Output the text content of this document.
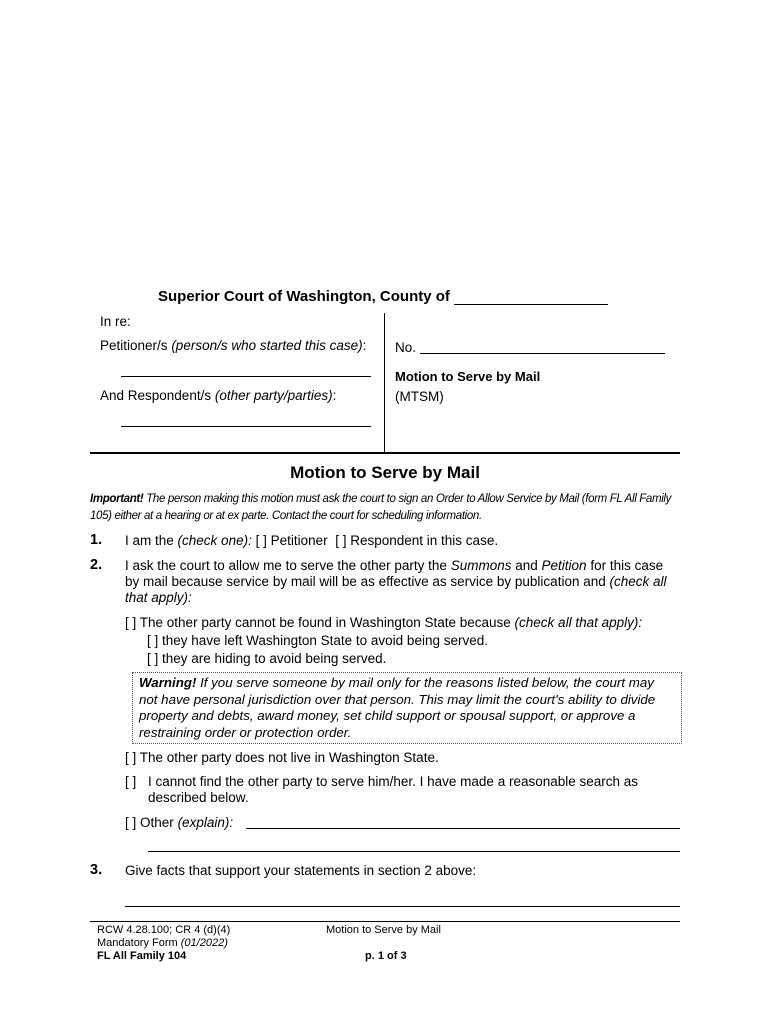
Superior Court of Washington, County of
In re:
Petitioner/s (person/s who started this case):
And Respondent/s (other party/parties):
No.
Motion to Serve by Mail
(MTSM)
Motion to Serve by Mail
Important! The person making this motion must ask the court to sign an Order to Allow Service by Mail (form FL All Family 105) either at a hearing or at ex parte. Contact the court for scheduling information.
1. I am the (check one): [ ] Petitioner [ ] Respondent in this case.
2. I ask the court to allow me to serve the other party the Summons and Petition for this case by mail because service by mail will be as effective as service by publication and (check all that apply):
[ ] The other party cannot be found in Washington State because (check all that apply):
[ ] they have left Washington State to avoid being served.
[ ] they are hiding to avoid being served.
Warning! If you serve someone by mail only for the reasons listed below, the court may not have personal jurisdiction over that person. This may limit the court's ability to divide property and debts, award money, set child support or spousal support, or approve a restraining order or protection order.
[ ] The other party does not live in Washington State.
[ ] I cannot find the other party to serve him/her. I have made a reasonable search as described below.
[ ] Other (explain):
3. Give facts that support your statements in section 2 above:
RCW 4.28.100; CR 4 (d)(4)
Mandatory Form (01/2022)
FL All Family 104
Motion to Serve by Mail
p. 1 of 3
